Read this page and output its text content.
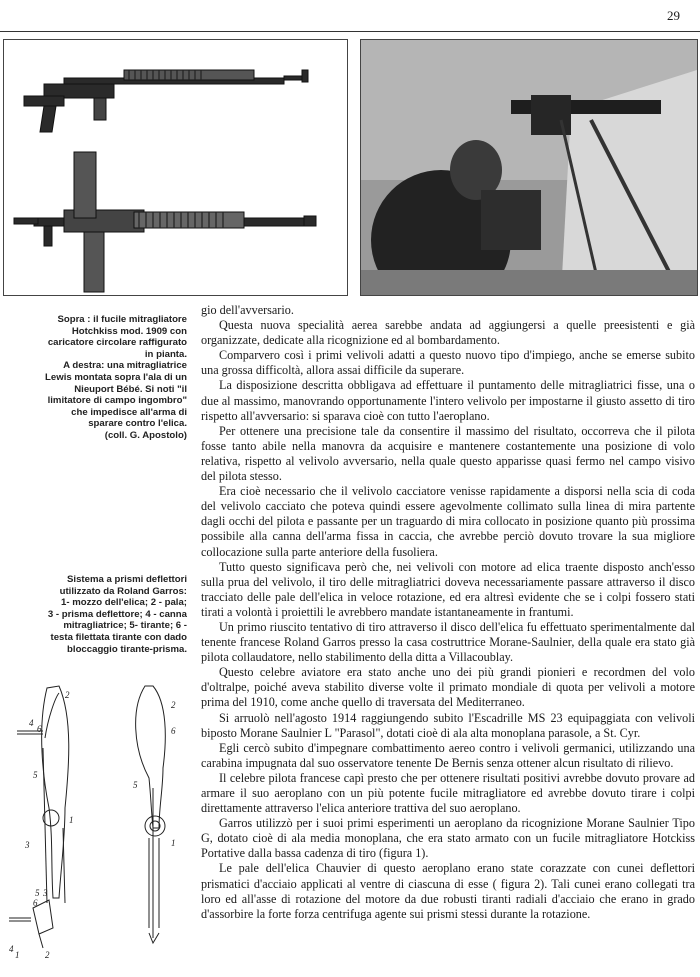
29
Sopra : il fucile mitragliatore
Hotchkiss mod. 1909 con
caricatore circolare raffigurato
in pianta.
A destra: una mitragliatrice
Lewis montata sopra l'ala di un
Nieuport Bébé. Si noti "il
limitatore di campo ingombro"
che impedisce all'arma di
sparare contro l'elica.
(coll. G. Apostolo)
Sistema a prismi deflettori
utilizzato da Roland Garros:
1- mozzo dell'elica; 2 - pala;
3 - prisma deflettore; 4 - canna
mitragliatrice; 5- tirante; 6 -
testa filettata tirante con dado
bloccaggio tirante-prisma.
2
4
6
1
3
5
2
6
5
1
5 3
6
4
1	2

gio dell'avversario.

Questa nuova specialità aerea sarebbe andata ad aggiungersi a quelle preesistenti e già organizzate, dedicate alla ricognizione ed al bombardamento.

Comparvero così i primi velivoli adatti a questo nuovo tipo d'impiego, anche se emerse subito una grossa difficoltà, allora assai difficile da superare.

La disposizione descritta obbligava ad effettuare il puntamento delle mitragliatrici fisse, una o due al massimo, manovrando opportunamente l'intero velivolo per impostarne il giusto assetto di tiro rispetto all'avversario: si sparava cioè con tutto l'aeroplano.

Per ottenere una precisione tale da consentire il massimo del risultato, occorreva che il pilota fosse tanto abile nella manovra da acquisire e mantenere costantemente una posizione di volo relativa, rispetto al velivolo avversario, nella quale questo apparisse quasi fermo nel campo visivo del pilota stesso.

Era cioè necessario che il velivolo cacciatore venisse rapidamente a disporsi nella scia di coda del velivolo cacciato che poteva quindi essere agevolmente collimato sulla linea di mira partente dagli occhi del pilota e passante per un traguardo di mira collocato in posizione quanto più prossima possibile alla canna dell'arma fissa in caccia, che avrebbe perciò dovuto trovare la sua migliore collocazione sulla parte anteriore della fusoliera.

Tutto questo significava però che, nei velivoli con motore ad elica traente disposto anch'esso sulla prua del velivolo, il tiro delle mitragliatrici doveva necessariamente passare attraverso il disco tracciato delle pale dell'elica in veloce rotazione, ed era altresì evidente che se i colpi fossero stati tirati a volontà i proiettili le avrebbero mandate istantaneamente in frantumi.

Un primo riuscito tentativo di tiro attraverso il disco dell'elica fu effettuato sperimentalmente dal tenente francese Roland Garros presso la casa costruttrice Morane-Saulnier, della quale era stato già pilota collaudatore, nello stabilimento della ditta a Villacoublay.

Questo celebre aviatore era stato anche uno dei più grandi pionieri e recordmen del volo d'oltralpe, poiché aveva stabilito diverse volte il primato mondiale di quota per velivoli a motore prima del 1910, come anche quello di traversata del Mediterraneo.

Si arruolò nell'agosto 1914 raggiungendo subito l'Escadrille MS 23 equipaggiata con velivoli biposto Morane Saulnier L "Parasol", dotati cioè di ala alta monoplana parasole, a St. Cyr.

Egli cercò subito d'impegnare combattimento aereo contro i velivoli germanici, utilizzando una carabina impugnata dal suo osservatore tenente De Bernis senza ottener alcun risultato di rilievo.

Il celebre pilota francese capì presto che per ottenere risultati positivi avrebbe dovuto provare ad armare il suo aeroplano con un più potente fucile mitragliatore ed avrebbe dovuto tirare i colpi direttamente attraverso l'elica anteriore trattiva del suo aeroplano.

Garros utilizzò per i suoi primi esperimenti un aeroplano da ricognizione Morane Saulnier Tipo G, dotato cioè di ala media monoplana, che era stato armato con un fucile mitragliatore Hotckiss Portative dalla bassa cadenza di tiro (figura 1).

Le pale dell'elica Chauvier di questo aeroplano erano state corazzate con cunei deflettori prismatici d'acciaio applicati al ventre di ciascuna di esse ( figura 2). Tali cunei erano collegati tra loro ed all'asse di rotazione del motore da due robusti tiranti radiali d'acciaio che erano in grado d'assorbire la forte forza centrifuga agente sui prismi stessi durante la rotazione.
